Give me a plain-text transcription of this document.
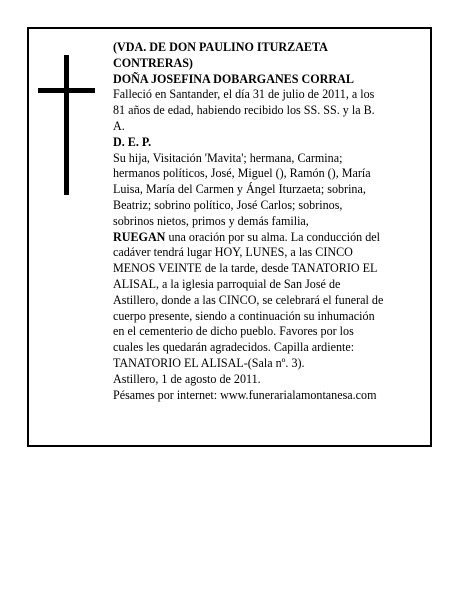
(VDA. DE DON PAULINO ITURZAETA
CONTRERAS)
DOÑA JOSEFINA DOBARGANES CORRAL
Falleció en Santander, el día 31 de julio de 2011, a los
81 años de edad, habiendo recibido los SS. SS. y la B.
A.
D. E. P.
Su hija, Visitación 'Mavita'; hermana, Carmina;
hermanos políticos, José, Miguel (), Ramón (), María
Luisa, María del Carmen y Ángel Iturzaeta; sobrina,
Beatriz; sobrino político, José Carlos; sobrinos,
sobrinos nietos, primos y demás familia,
RUEGAN una oración por su alma. La conducción del
cadáver tendrá lugar HOY, LUNES, a las CINCO
MENOS VEINTE de la tarde, desde TANATORIO EL
ALISAL, a la iglesia parroquial de San José de
Astillero, donde a las CINCO, se celebrará el funeral de
cuerpo presente, siendo a continuación su inhumación
en el cementerio de dicho pueblo. Favores por los
cuales les quedarán agradecidos. Capilla ardiente:
TANATORIO EL ALISAL-(Sala nº. 3).
Astillero, 1 de agosto de 2011.
Pésames por internet: www.funerarialamontanesa.com
